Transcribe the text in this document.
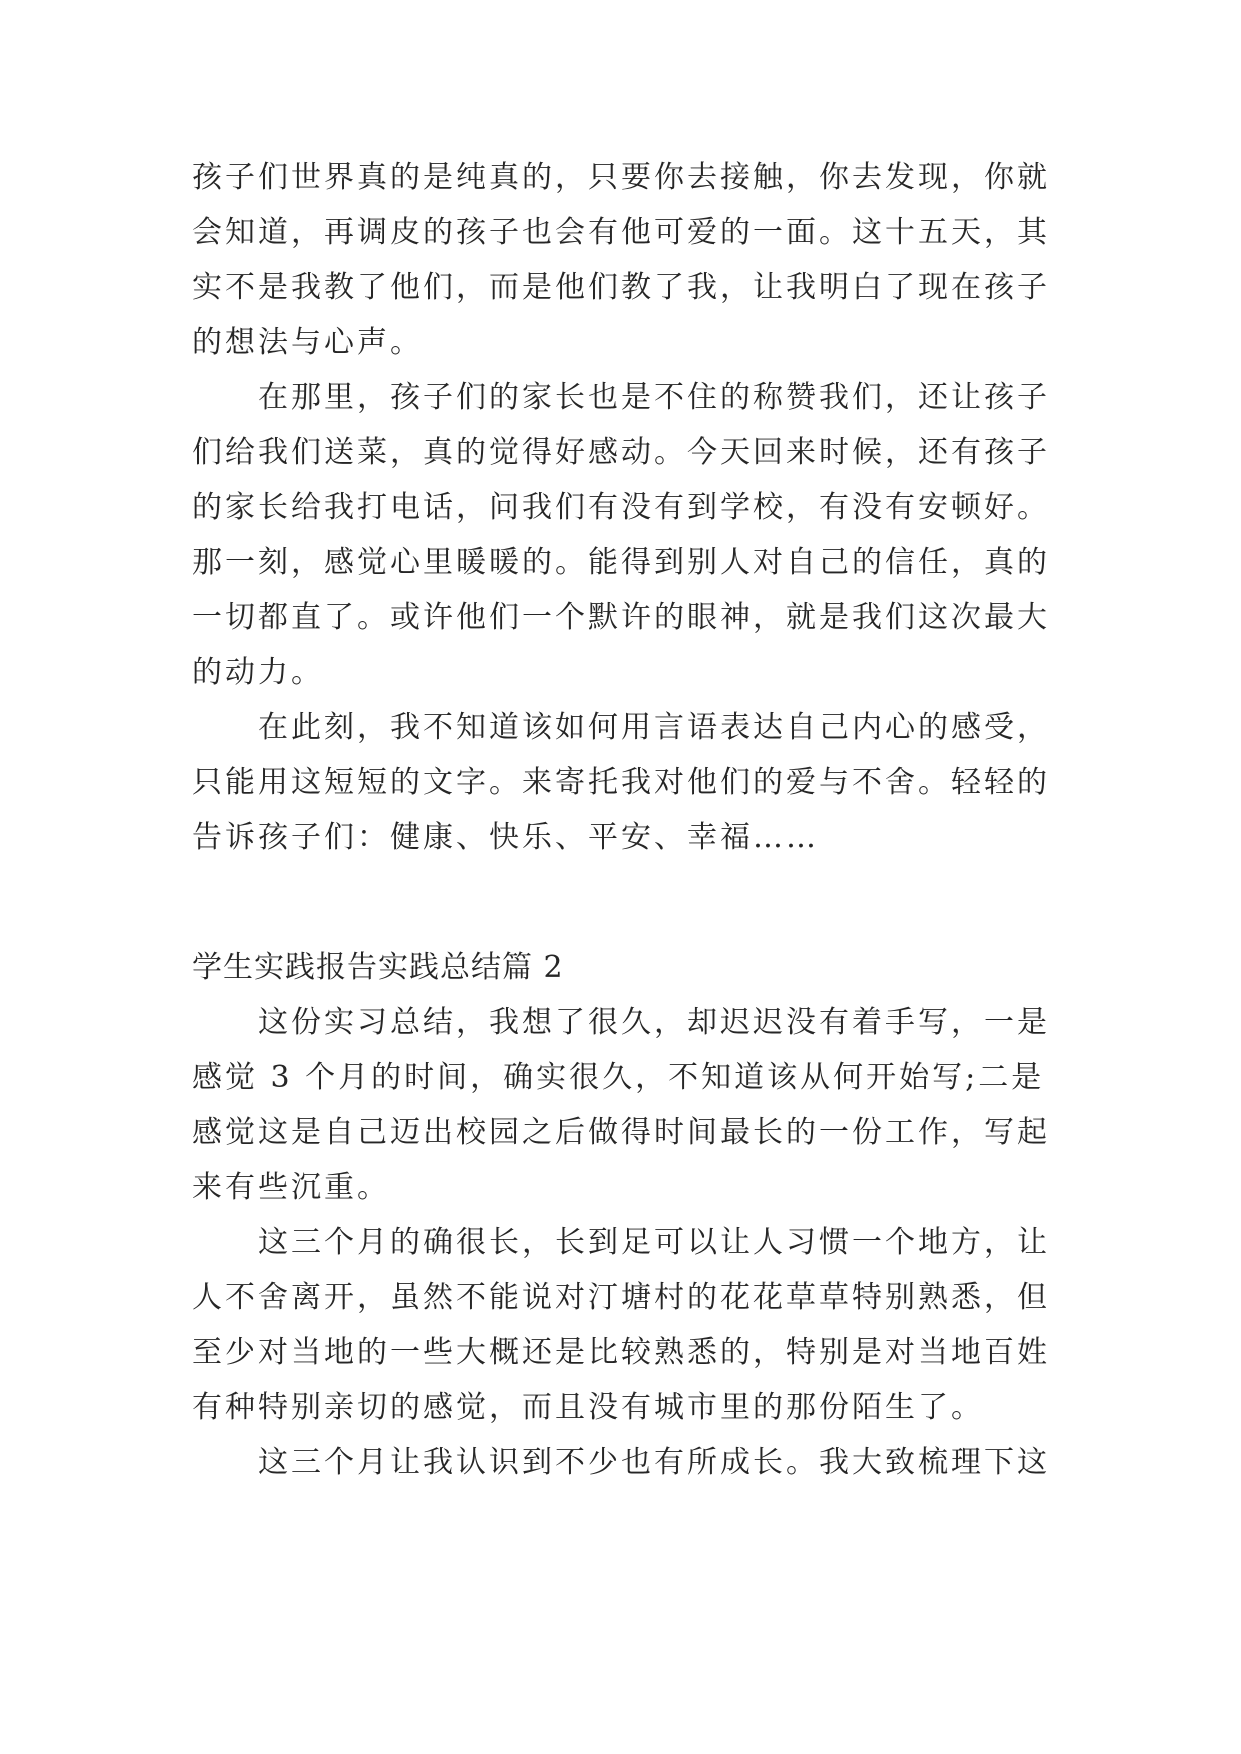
孩子们世界真的是纯真的，只要你去接触，你去发现，你就
会知道，再调皮的孩子也会有他可爱的一面。这十五天，其
实不是我教了他们，而是他们教了我，让我明白了现在孩子
的想法与心声。
　　在那里，孩子们的家长也是不住的称赞我们，还让孩子
们给我们送菜，真的觉得好感动。今天回来时候，还有孩子
的家长给我打电话，问我们有没有到学校，有没有安顿好。
那一刻，感觉心里暖暖的。能得到别人对自己的信任，真的
一切都直了。或许他们一个默许的眼神，就是我们这次最大
的动力。
　　在此刻，我不知道该如何用言语表达自己内心的感受，
只能用这短短的文字。来寄托我对他们的爱与不舍。轻轻的
告诉孩子们：健康、快乐、平安、幸福……
学生实践报告实践总结篇 2
　　这份实习总结，我想了很久，却迟迟没有着手写，一是
感觉 3 个月的时间，确实很久，不知道该从何开始写;二是
感觉这是自己迈出校园之后做得时间最长的一份工作，写起
来有些沉重。
　　这三个月的确很长，长到足可以让人习惯一个地方，让
人不舍离开，虽然不能说对汀塘村的花花草草特别熟悉，但
至少对当地的一些大概还是比较熟悉的，特别是对当地百姓
有种特别亲切的感觉，而且没有城市里的那份陌生了。
　　这三个月让我认识到不少也有所成长。我大致梳理下这
